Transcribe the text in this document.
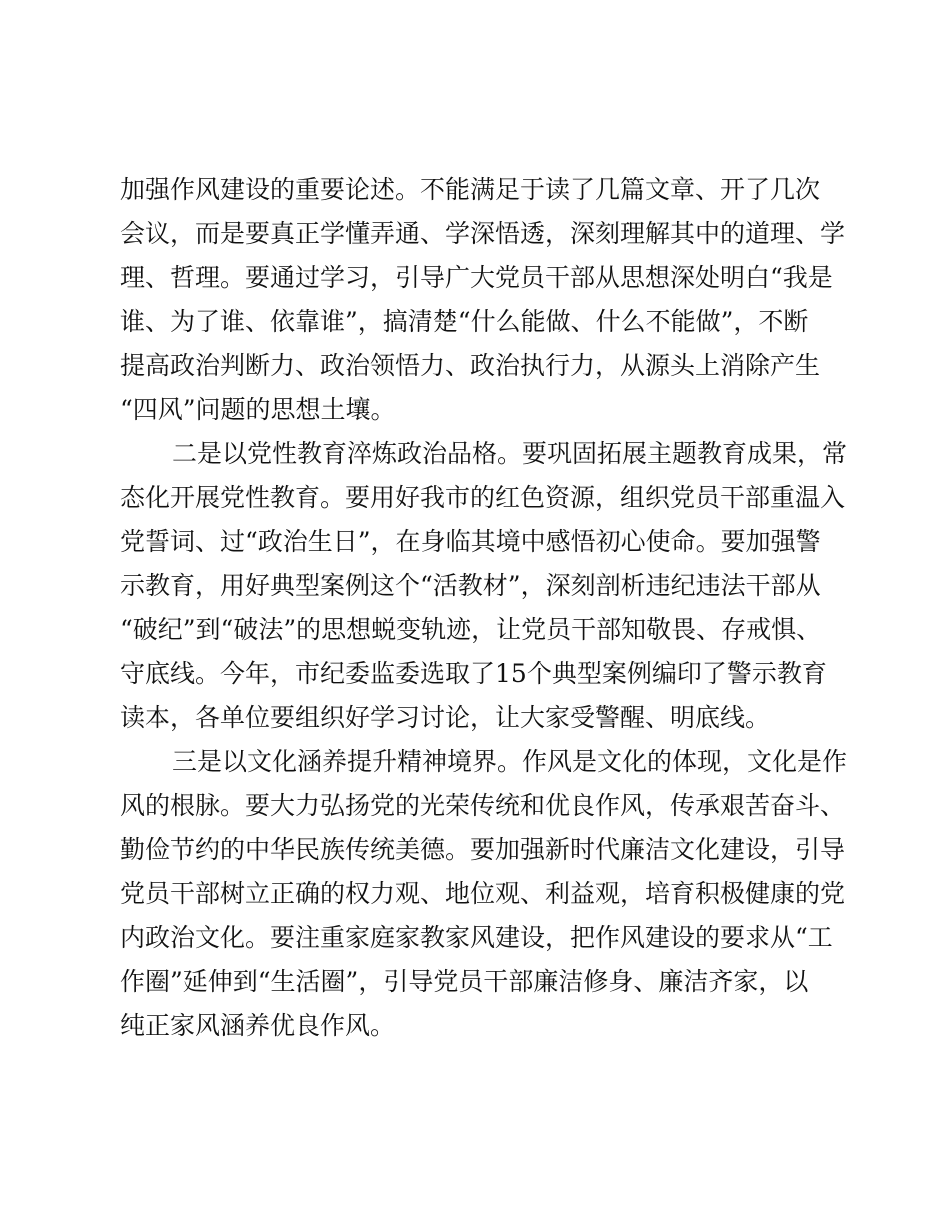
加强作风建设的重要论述。不能满足于读了几篇文章、开了几次
会议，而是要真正学懂弄通、学深悟透，深刻理解其中的道理、学
理、哲理。要通过学习，引导广大党员干部从思想深处明白“我是
谁、为了谁、依靠谁”，搞清楚“什么能做、什么不能做”，不断
提高政治判断力、政治领悟力、政治执行力，从源头上消除产生
“四风”问题的思想土壤。
二是以党性教育淬炼政治品格。要巩固拓展主题教育成果，常
态化开展党性教育。要用好我市的红色资源，组织党员干部重温入
党誓词、过“政治生日”，在身临其境中感悟初心使命。要加强警
示教育，用好典型案例这个“活教材”，深刻剖析违纪违法干部从
“破纪”到“破法”的思想蜕变轨迹，让党员干部知敬畏、存戒惧、
守底线。今年，市纪委监委选取了15个典型案例编印了警示教育
读本，各单位要组织好学习讨论，让大家受警醒、明底线。
三是以文化涵养提升精神境界。作风是文化的体现，文化是作
风的根脉。要大力弘扬党的光荣传统和优良作风，传承艰苦奋斗、
勤俭节约的中华民族传统美德。要加强新时代廉洁文化建设，引导
党员干部树立正确的权力观、地位观、利益观，培育积极健康的党
内政治文化。要注重家庭家教家风建设，把作风建设的要求从“工
作圈”延伸到“生活圈”，引导党员干部廉洁修身、廉洁齐家，以
纯正家风涵养优良作风。
